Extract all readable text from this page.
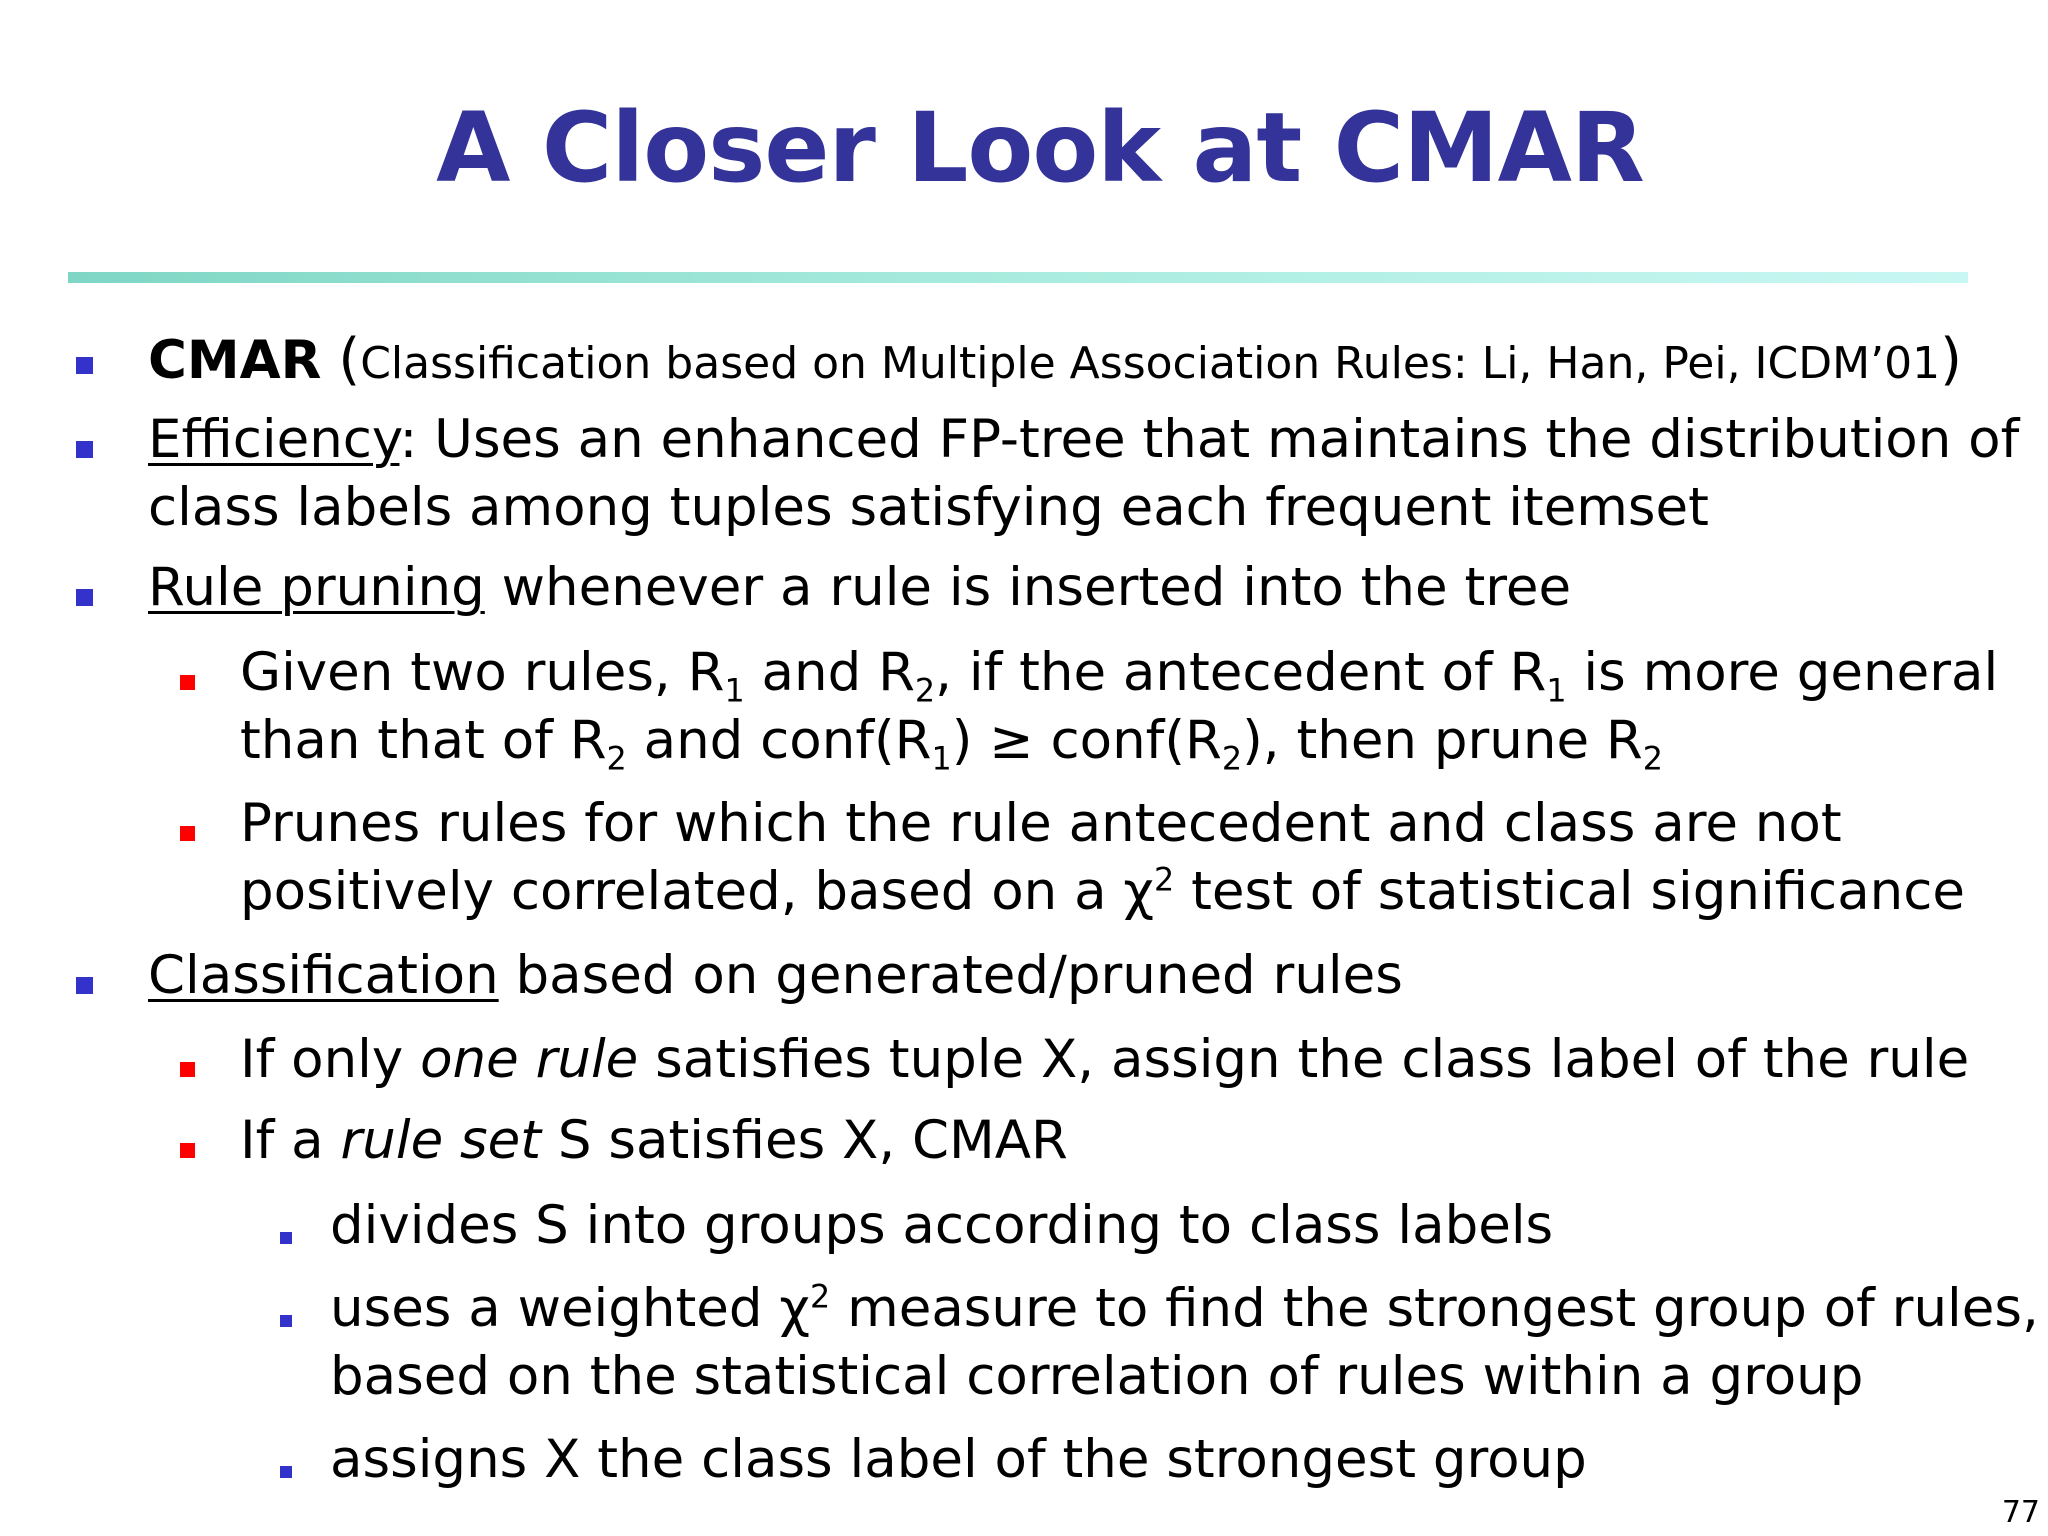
A Closer Look at CMAR
CMAR (Classification based on Multiple Association Rules: Li, Han, Pei, ICDM’01)
Efficiency: Uses an enhanced FP-tree that maintains the distribution of
class labels among tuples satisfying each frequent itemset
Rule pruning whenever a rule is inserted into the tree
Given two rules, $R_1$ and $R_2$, if the antecedent of $R_1$ is more general
than that of $R_2$ and $conf(R_1)$ ≥ $conf(R_2)$, then prune $R_2$
Prunes rules for which the rule antecedent and class are not
positively correlated, based on a $\chi^2$ test of statistical significance
Classification based on generated/pruned rules
If only one rule satisfies tuple X, assign the class label of the rule
If a rule set S satisfies X, CMAR
divides S into groups according to class labels
uses a weighted $\chi^2$ measure to find the strongest group of rules,
based on the statistical correlation of rules within a group
assigns X the class label of the strongest group
77
